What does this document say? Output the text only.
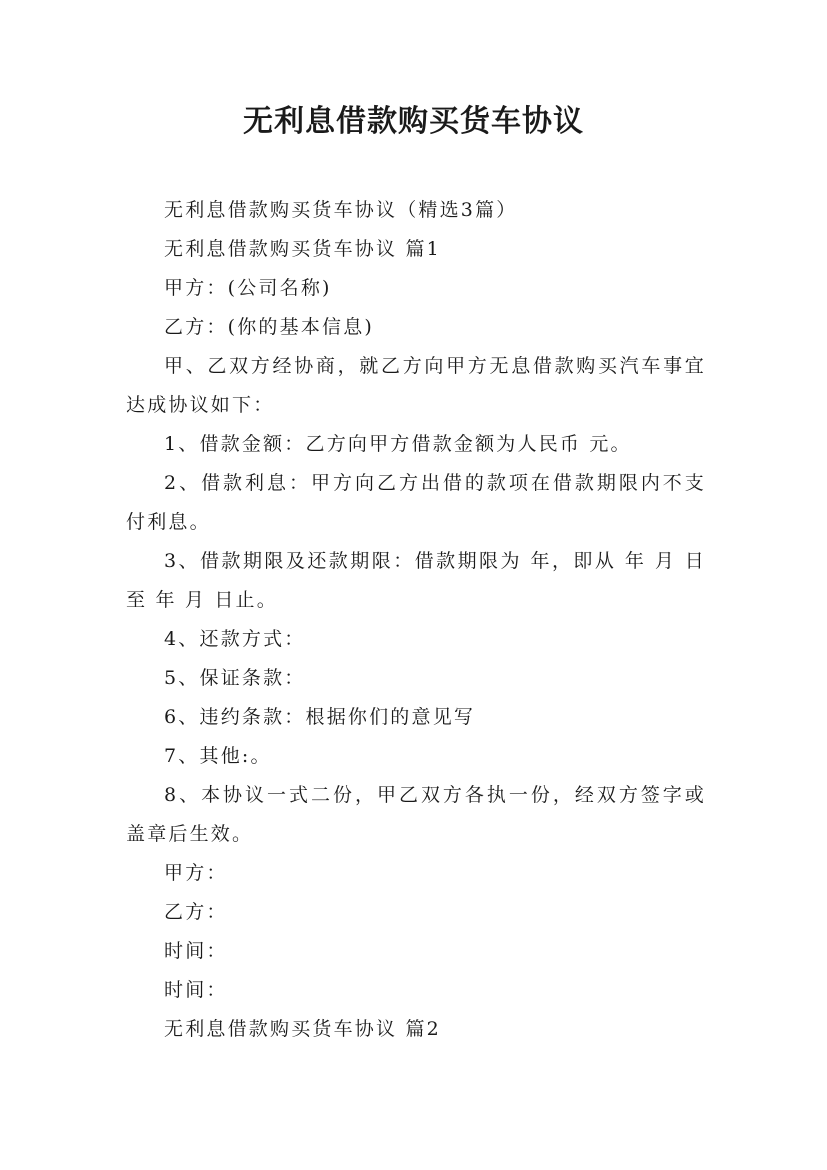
无利息借款购买货车协议

无利息借款购买货车协议（精选3篇）

无利息借款购买货车协议 篇1

甲方：(公司名称)

乙方：(你的基本信息)

甲、乙双方经协商，就乙方向甲方无息借款购买汽车事宜达成协议如下：

1、借款金额：乙方向甲方借款金额为人民币 元。

2、借款利息：甲方向乙方出借的款项在借款期限内不支付利息。

3、借款期限及还款期限：借款期限为 年，即从 年 月 日至 年 月 日止。

4、还款方式：

5、保证条款：

6、违约条款：根据你们的意见写

7、其他:。

8、本协议一式二份，甲乙双方各执一份，经双方签字或盖章后生效。

甲方：

乙方：

时间：

时间：

无利息借款购买货车协议 篇2
